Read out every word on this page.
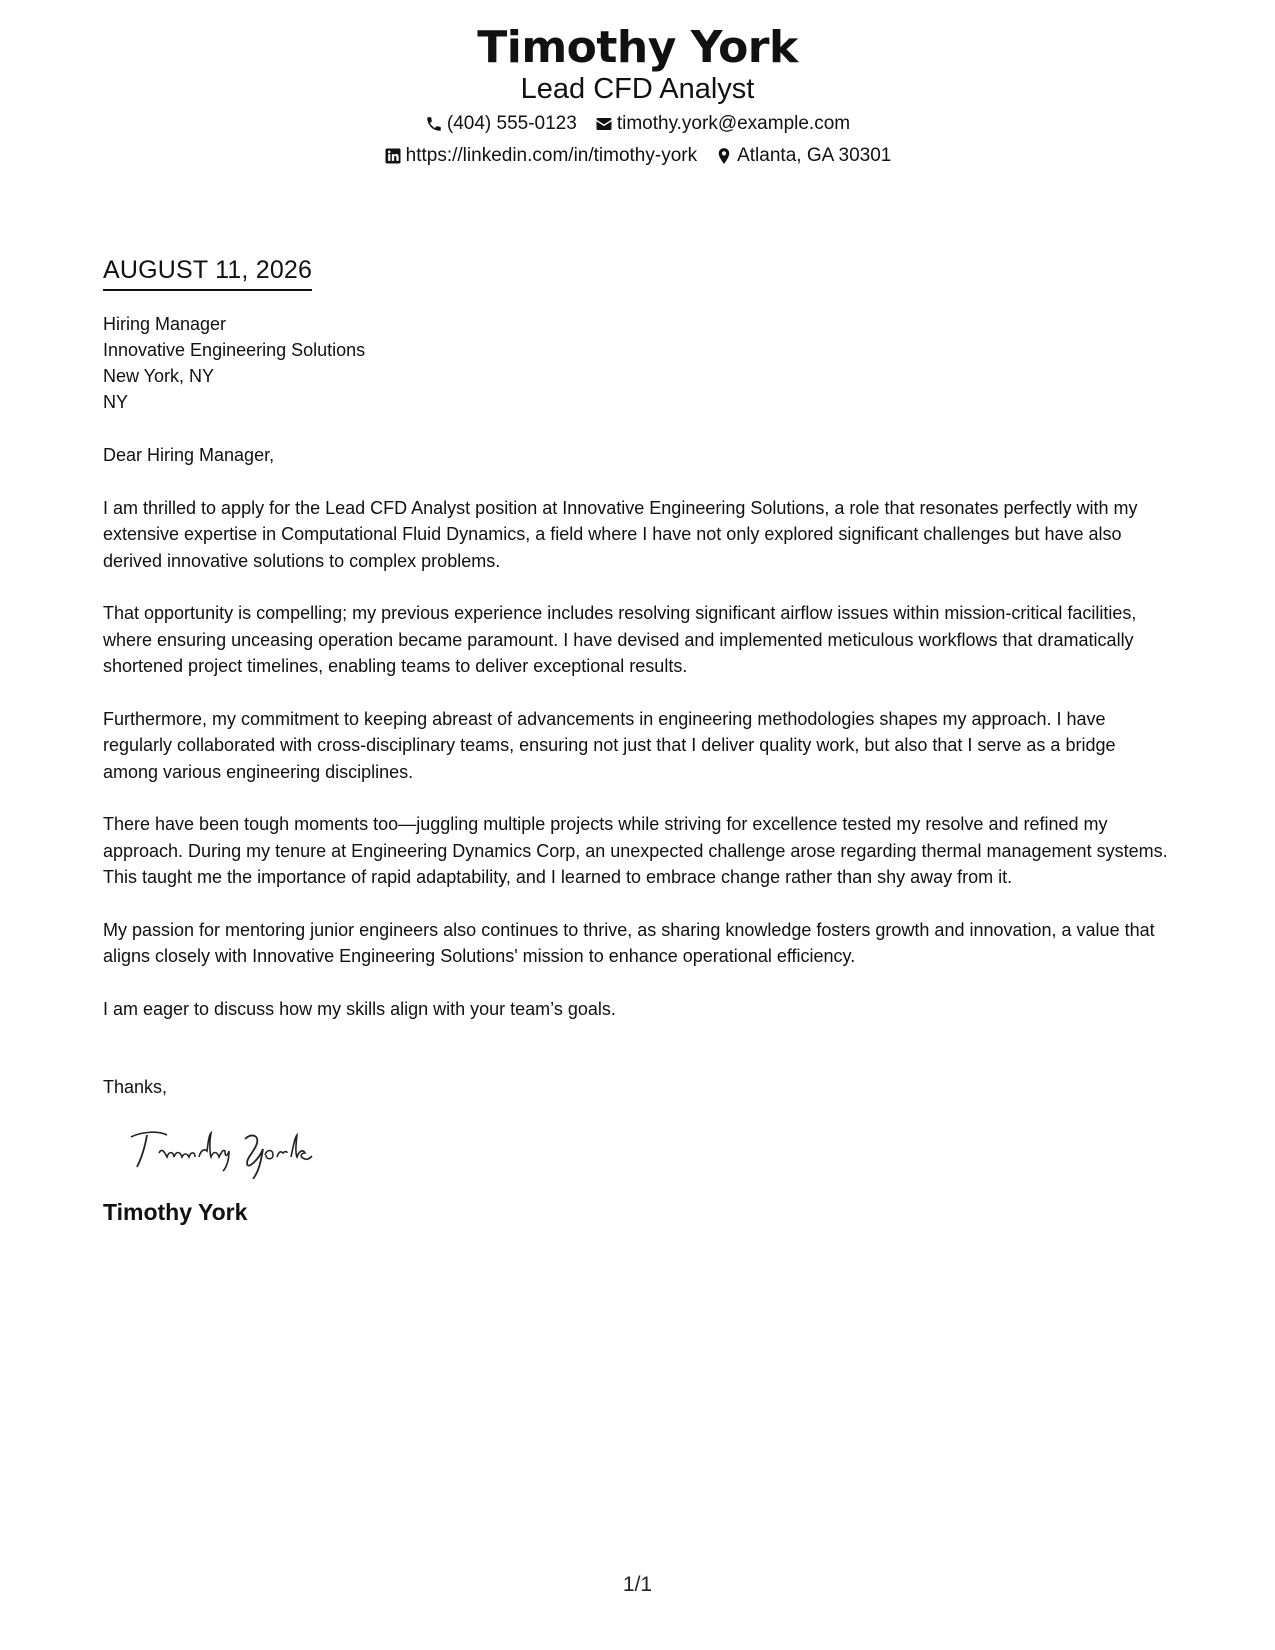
Timothy York
Lead CFD Analyst
(404) 555-0123 timothy.york@example.com
https://linkedin.com/in/timothy-york Atlanta, GA 30301
AUGUST 11, 2026
Hiring Manager
Innovative Engineering Solutions
New York, NY
NY
Dear Hiring Manager,
I am thrilled to apply for the Lead CFD Analyst position at Innovative Engineering Solutions, a role that resonates perfectly with my extensive expertise in Computational Fluid Dynamics, a field where I have not only explored significant challenges but have also derived innovative solutions to complex problems.
That opportunity is compelling; my previous experience includes resolving significant airflow issues within mission-critical facilities, where ensuring unceasing operation became paramount. I have devised and implemented meticulous workflows that dramatically shortened project timelines, enabling teams to deliver exceptional results.
Furthermore, my commitment to keeping abreast of advancements in engineering methodologies shapes my approach. I have regularly collaborated with cross-disciplinary teams, ensuring not just that I deliver quality work, but also that I serve as a bridge among various engineering disciplines.
There have been tough moments too—juggling multiple projects while striving for excellence tested my resolve and refined my approach. During my tenure at Engineering Dynamics Corp, an unexpected challenge arose regarding thermal management systems. This taught me the importance of rapid adaptability, and I learned to embrace change rather than shy away from it.
My passion for mentoring junior engineers also continues to thrive, as sharing knowledge fosters growth and innovation, a value that aligns closely with Innovative Engineering Solutions' mission to enhance operational efficiency.
I am eager to discuss how my skills align with your team’s goals.
Thanks,
Timothy York
1/1
